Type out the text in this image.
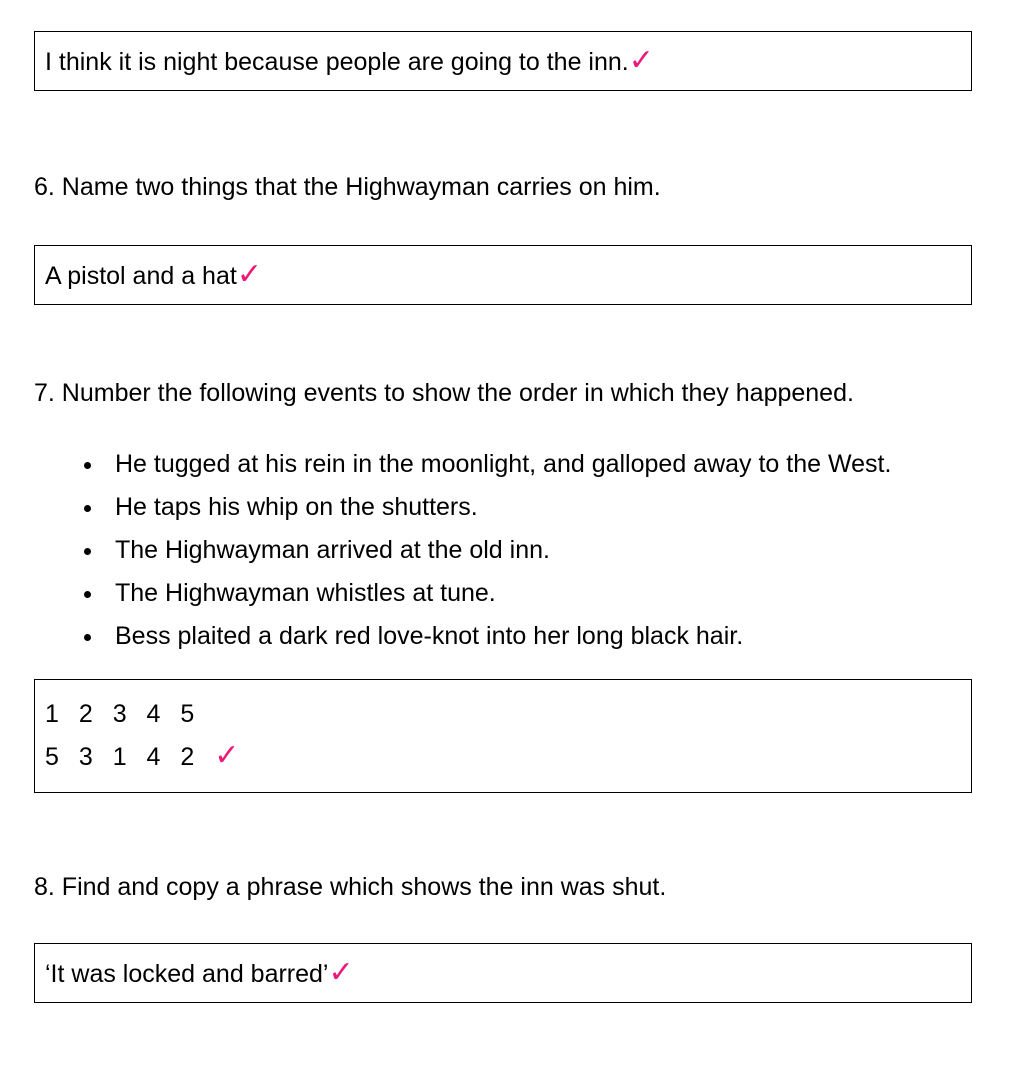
I think it is night because people are going to the inn.✓

6. Name two things that the Highwayman carries on him.

A pistol and a hat✓

7. Number the following events to show the order in which they happened.

• He tugged at his rein in the moonlight, and galloped away to the West.
• He taps his whip on the shutters.
• The Highwayman arrived at the old inn.
• The Highwayman whistles at tune.
• Bess plaited a dark red love-knot into her long black hair.
1 2 3 4 5
5 3 1 4 2 ✓

8. Find and copy a phrase which shows the inn was shut.

‘It was locked and barred’✓
